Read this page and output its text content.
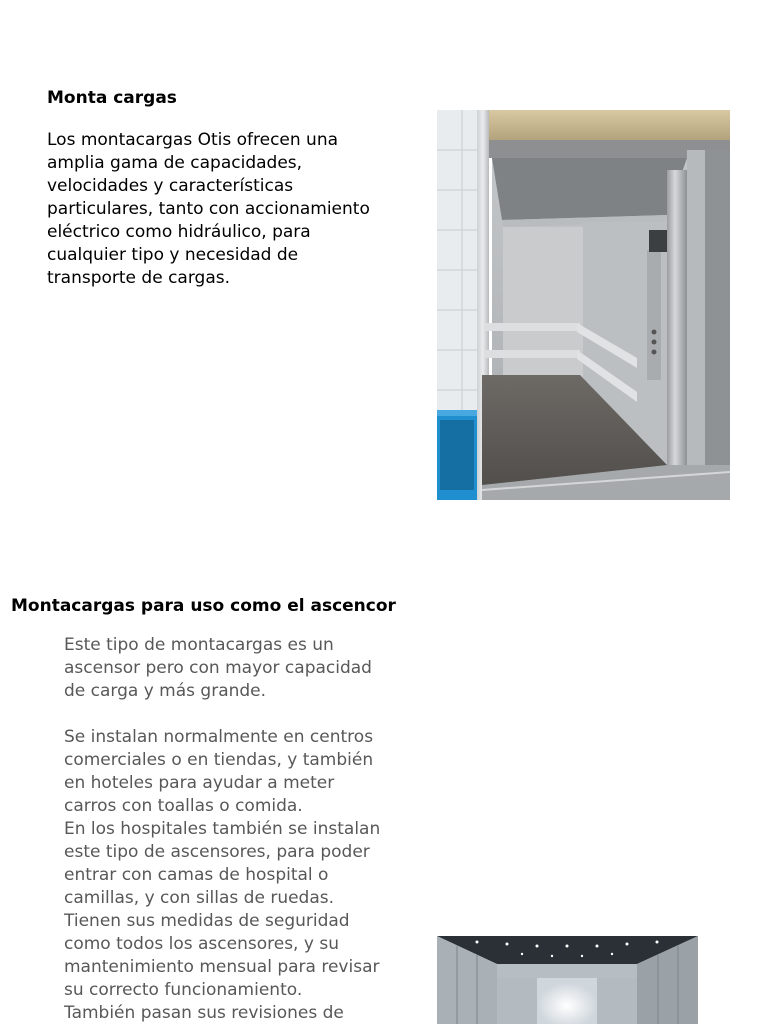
Monta cargas

Los montacargas Otis ofrecen una
amplia gama de capacidades,
velocidades y características
particulares, tanto con accionamiento
eléctrico como hidráulico, para
cualquier tipo y necesidad de
transporte de cargas.

Montacargas para uso como el ascencor

Este tipo de montacargas es un
ascensor pero con mayor capacidad
de carga y más grande.

Se instalan normalmente en centros
comerciales o en tiendas, y también
en hoteles para ayudar a meter
carros con toallas o comida.
En los hospitales también se instalan
este tipo de ascensores, para poder
entrar con camas de hospital o
camillas, y con sillas de ruedas.
Tienen sus medidas de seguridad
como todos los ascensores, y su
mantenimiento mensual para revisar
su correcto funcionamiento.
También pasan sus revisiones de
